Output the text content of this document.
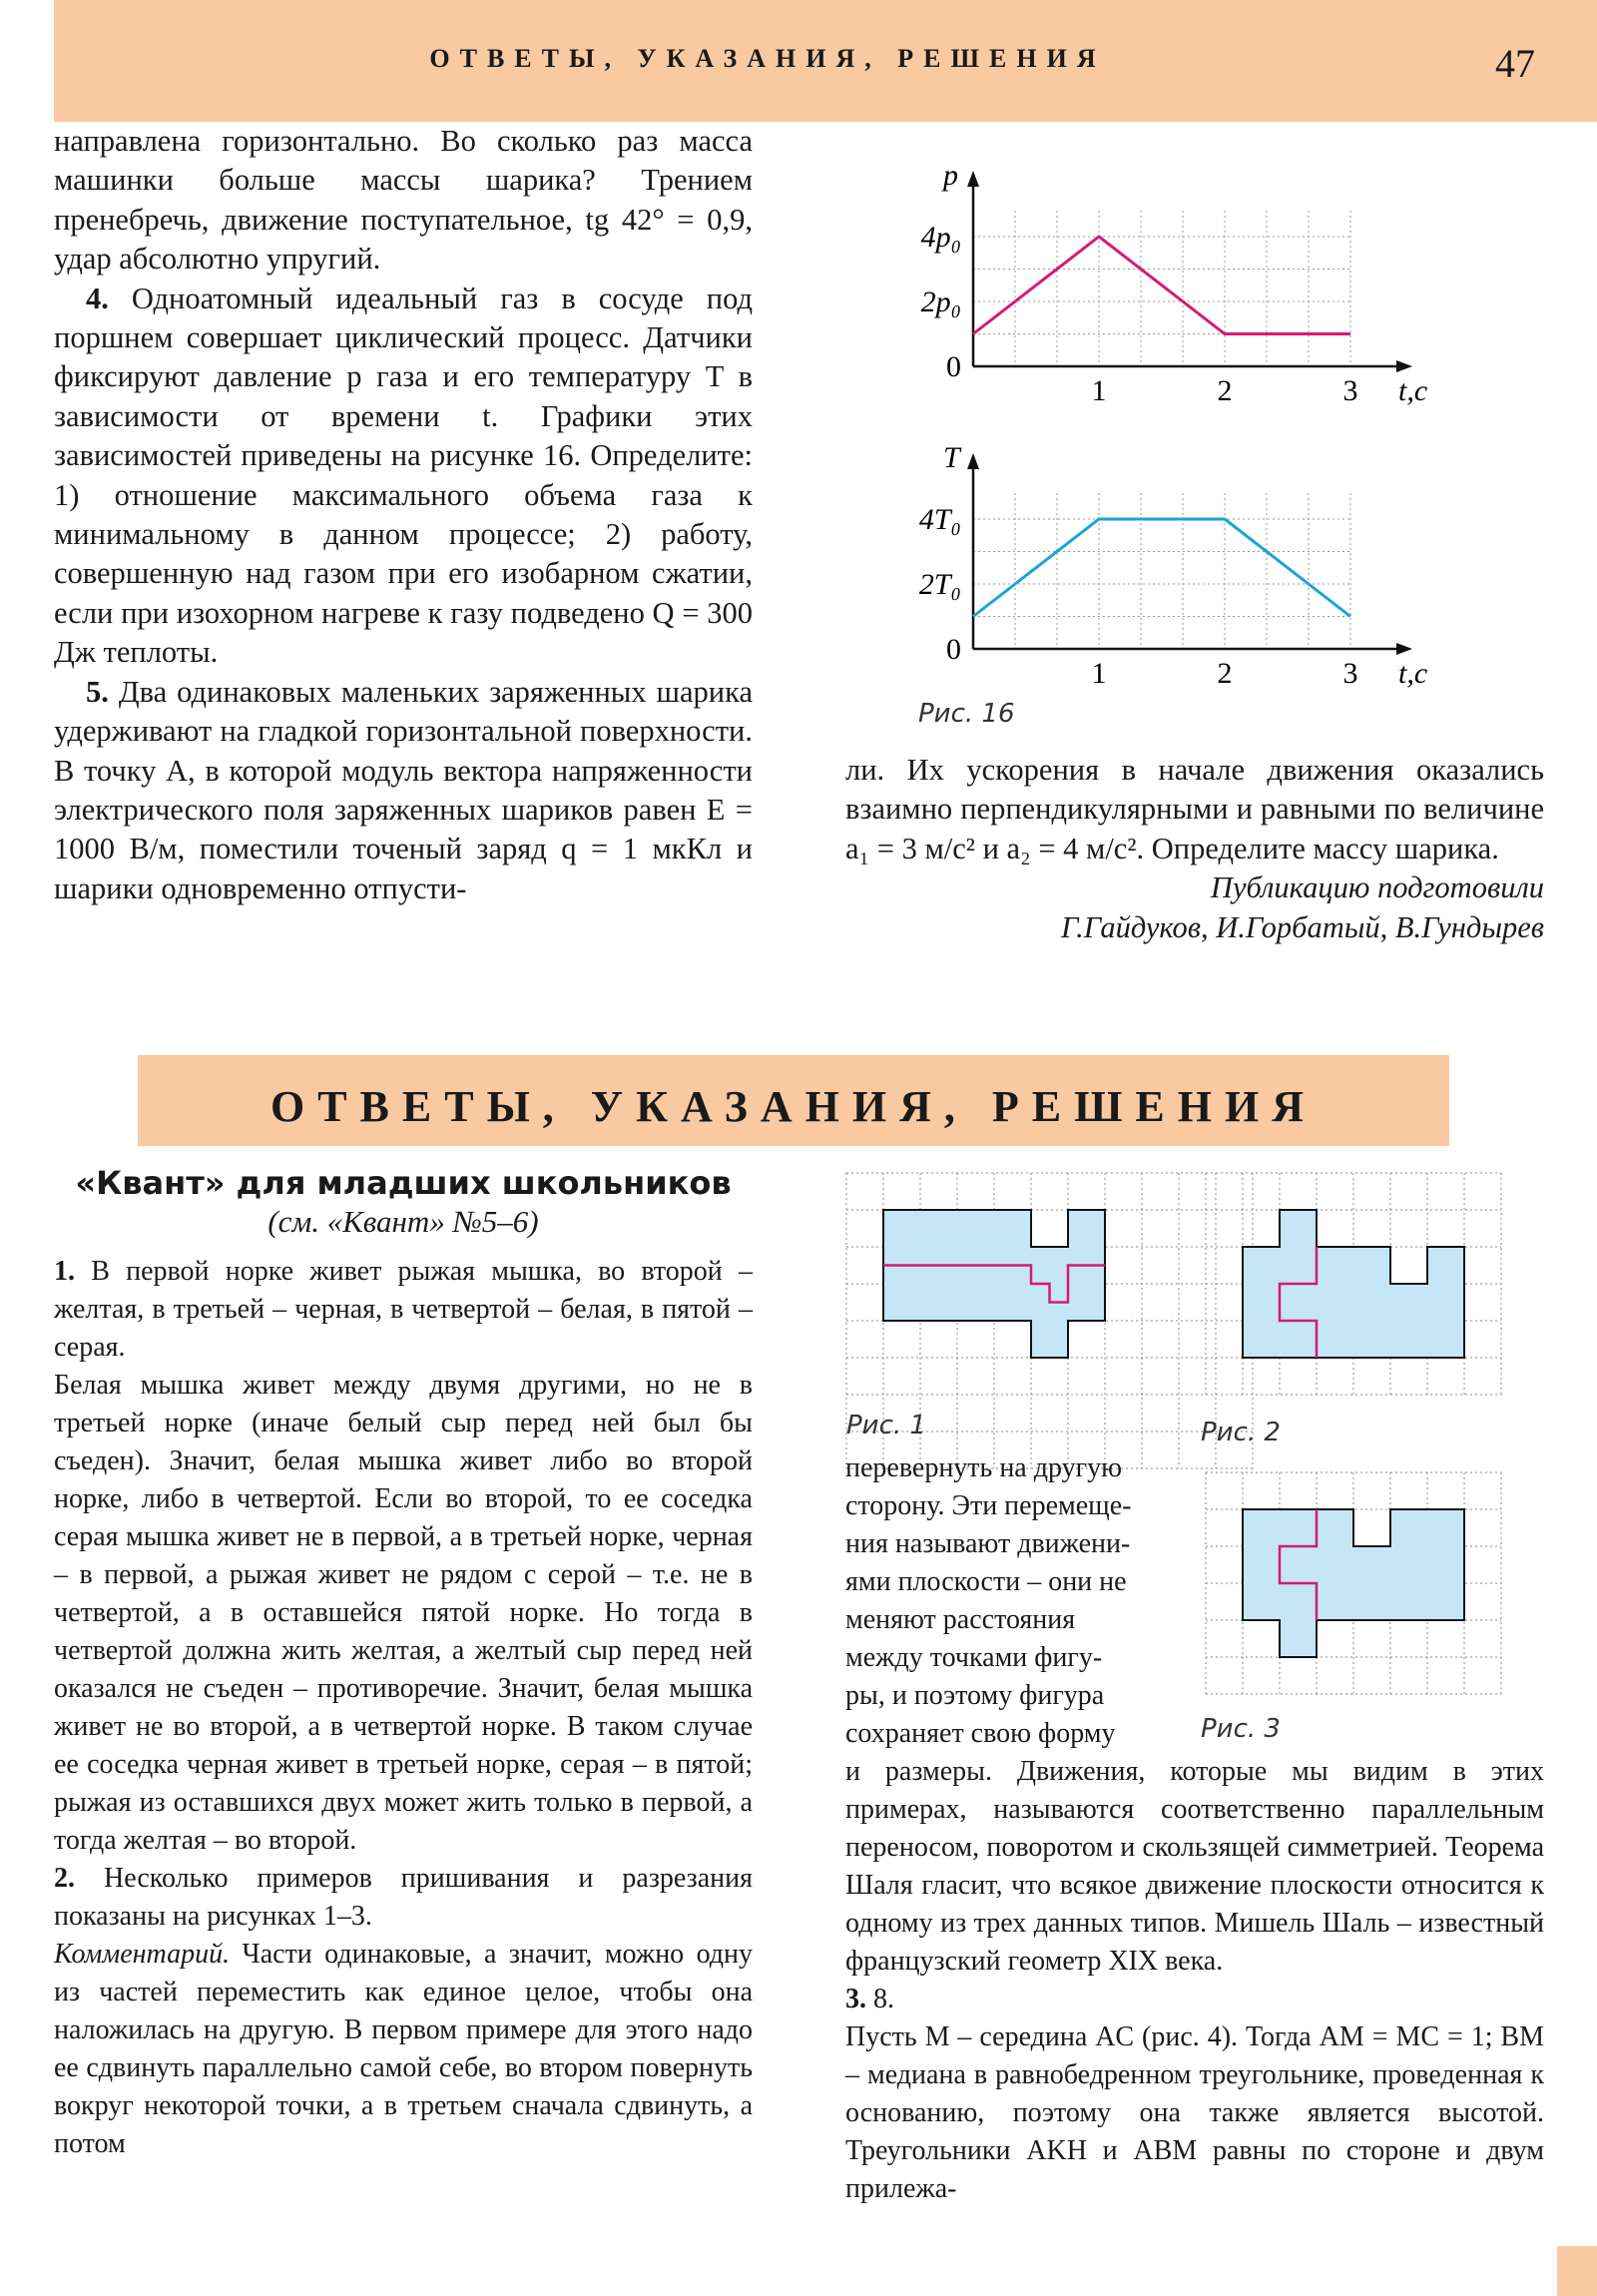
ОТВЕТЫ, УКАЗАНИЯ, РЕШЕНИЯ	47

направлена горизонтально. Во сколько раз масса машинки больше массы шарика? Трением пренебречь, движение поступательное, tg 42° = 0,9, удар абсолютно упругий.

4. Одноатомный идеальный газ в сосуде под поршнем совершает циклический процесс. Датчики фиксируют давление p газа и его температуру T в зависимости от времени t. Графики этих зависимостей приведены на рисунке 16. Определите: 1) отношение максимального объема газа к минимальному в данном процессе; 2) работу, совершенную над газом при его изобарном сжатии, если при изохорном нагреве к газу подведено Q = 300 Дж теплоты.

5. Два одинаковых маленьких заряженных шарика удерживают на гладкой горизонтальной поверхности. В точку A, в которой модуль вектора напряженности электрического поля заряженных шариков равен E = 1000 В/м, поместили точеный заряд q = 1 мкКл и шарики одновременно отпусти-

p
t,с
0
2p₀
4p₀
1	2	3
T
t,с
0
2T₀
4T₀
1	2	3
Рис. 16

ли. Их ускорения в начале движения оказались взаимно перпендикулярными и равными по величине a₁ = 3 м/с² и a₂ = 4 м/с². Определите массу шарика.

Публикацию подготовили

Г.Гайдуков, И.Горбатый, В.Гундырев

ОТВЕТЫ, УКАЗАНИЯ, РЕШЕНИЯ
«Квант» для младших школьников
(см. «Квант» №5–6)

1. В первой норке живет рыжая мышка, во второй – желтая, в третьей – черная, в четвертой – белая, в пятой – серая.

Белая мышка живет между двумя другими, но не в третьей норке (иначе белый сыр перед ней был бы съеден). Значит, белая мышка живет либо во второй норке, либо в четвертой. Если во второй, то ее соседка серая мышка живет не в первой, а в третьей норке, черная – в первой, а рыжая живет не рядом с серой – т.е. не в четвертой, а в оставшейся пятой норке. Но тогда в четвертой должна жить желтая, а желтый сыр перед ней оказался не съеден – противоречие. Значит, белая мышка живет не во второй, а в четвертой норке. В таком случае ее соседка черная живет в третьей норке, серая – в пятой; рыжая из оставшихся двух может жить только в первой, а тогда желтая – во второй.

2. Несколько примеров пришивания и разрезания показаны на рисунках 1–3.

Комментарий. Части одинаковые, а значит, можно одну из частей переместить как единое целое, чтобы она наложилась на другую. В первом примере для этого надо ее сдвинуть параллельно самой себе, во втором повернуть вокруг некоторой точки, а в третьем сначала сдвинуть, а потом

Рис. 1	Рис. 2
Рис. 3
перевернуть на другую
сторону. Эти перемеще-
ния называют движени-
ями плоскости – они не
меняют расстояния
между точками фигу-
ры, и поэтому фигура
сохраняет свою форму

и размеры. Движения, которые мы видим в этих примерах, называются соответственно параллельным переносом, поворотом и скользящей симметрией. Теорема Шаля гласит, что всякое движение плоскости относится к одному из трех данных типов. Мишель Шаль – известный французский геометр XIX века.

3. 8.

Пусть M – середина AC (рис. 4). Тогда AM = MC = 1; BM – медиана в равнобедренном треугольнике, проведенная к основанию, поэтому она также является высотой. Треугольники AKH и ABM равны по стороне и двум прилежа-
